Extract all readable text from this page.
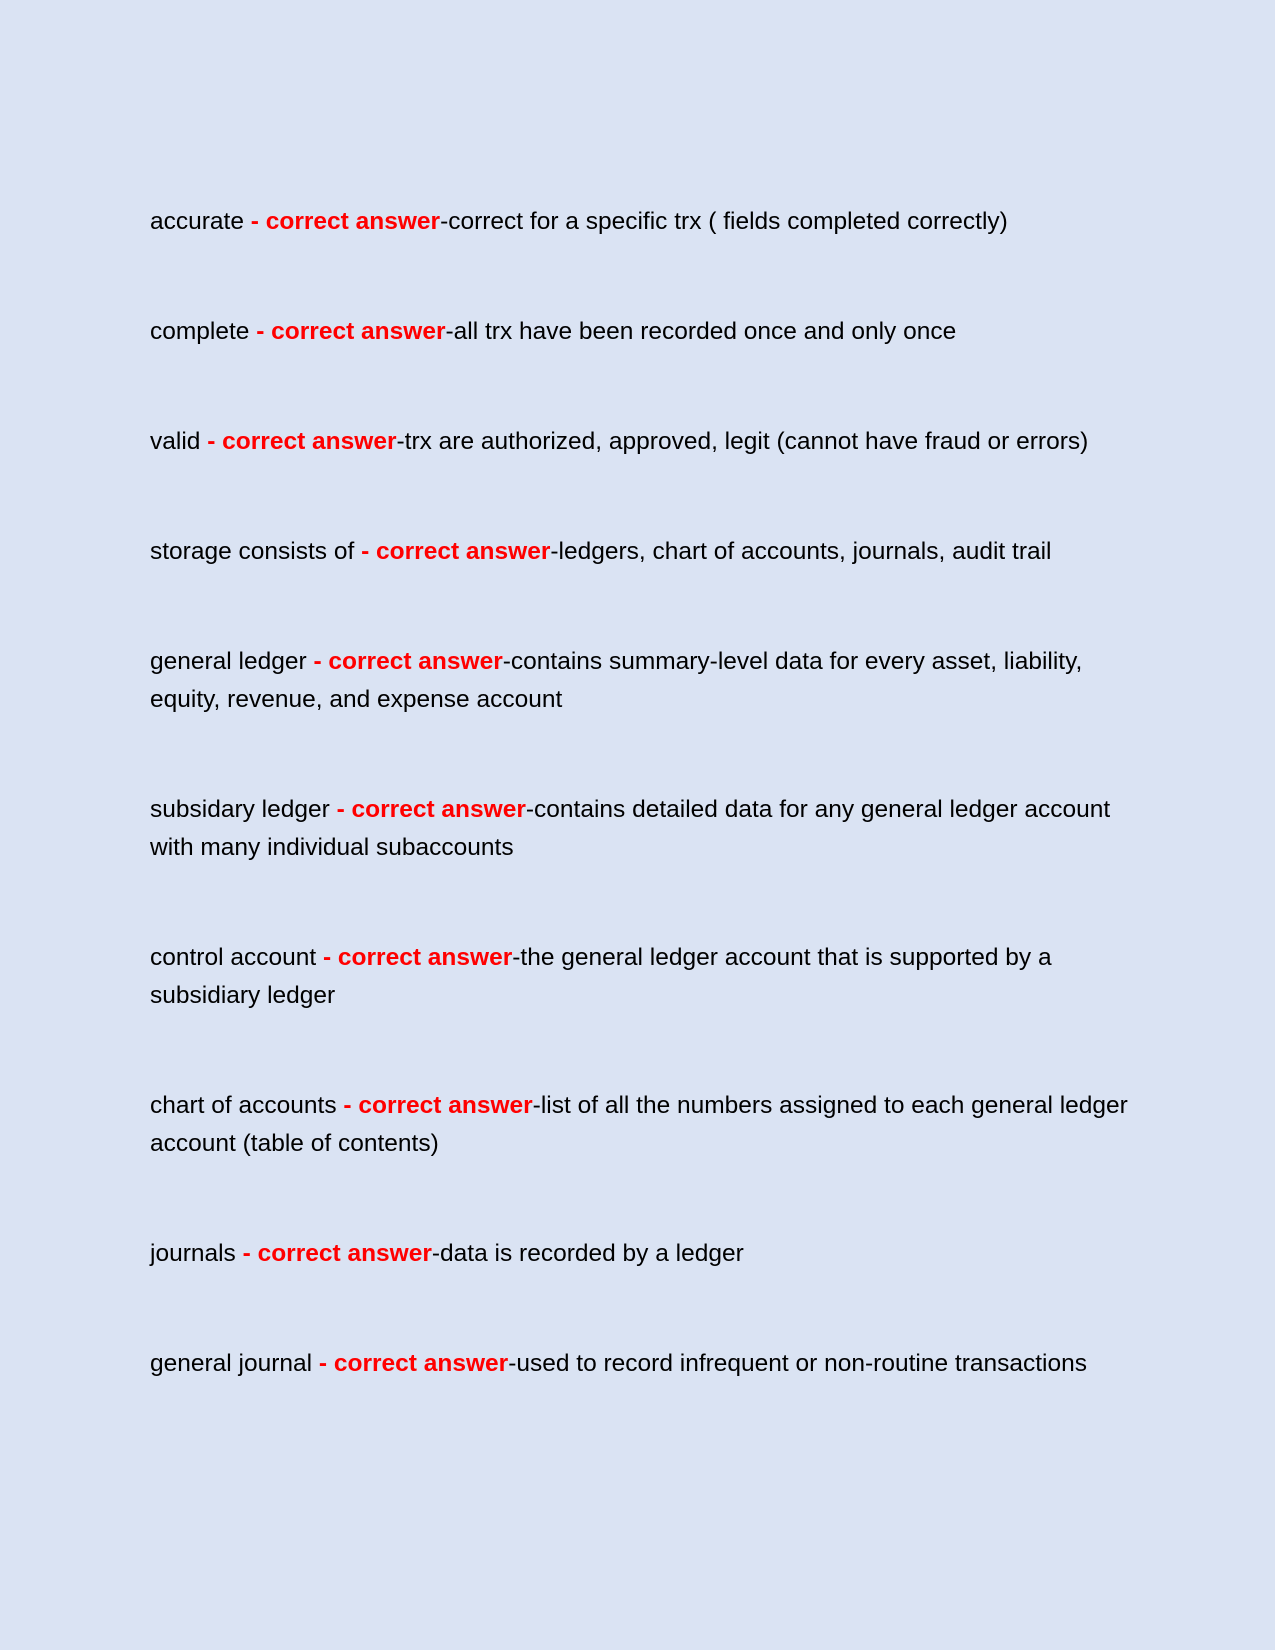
accurate - correct answer-correct for a specific trx ( fields completed correctly)

complete - correct answer-all trx have been recorded once and only once

valid - correct answer-trx are authorized, approved, legit (cannot have fraud or errors)

storage consists of - correct answer-ledgers, chart of accounts, journals, audit trail

general ledger - correct answer-contains summary-level data for every asset, liability, equity, revenue, and expense account

subsidary ledger - correct answer-contains detailed data for any general ledger account with many individual subaccounts

control account - correct answer-the general ledger account that is supported by a subsidiary ledger

chart of accounts - correct answer-list of all the numbers assigned to each general ledger account (table of contents)

journals - correct answer-data is recorded by a ledger

general journal - correct answer-used to record infrequent or non-routine transactions
